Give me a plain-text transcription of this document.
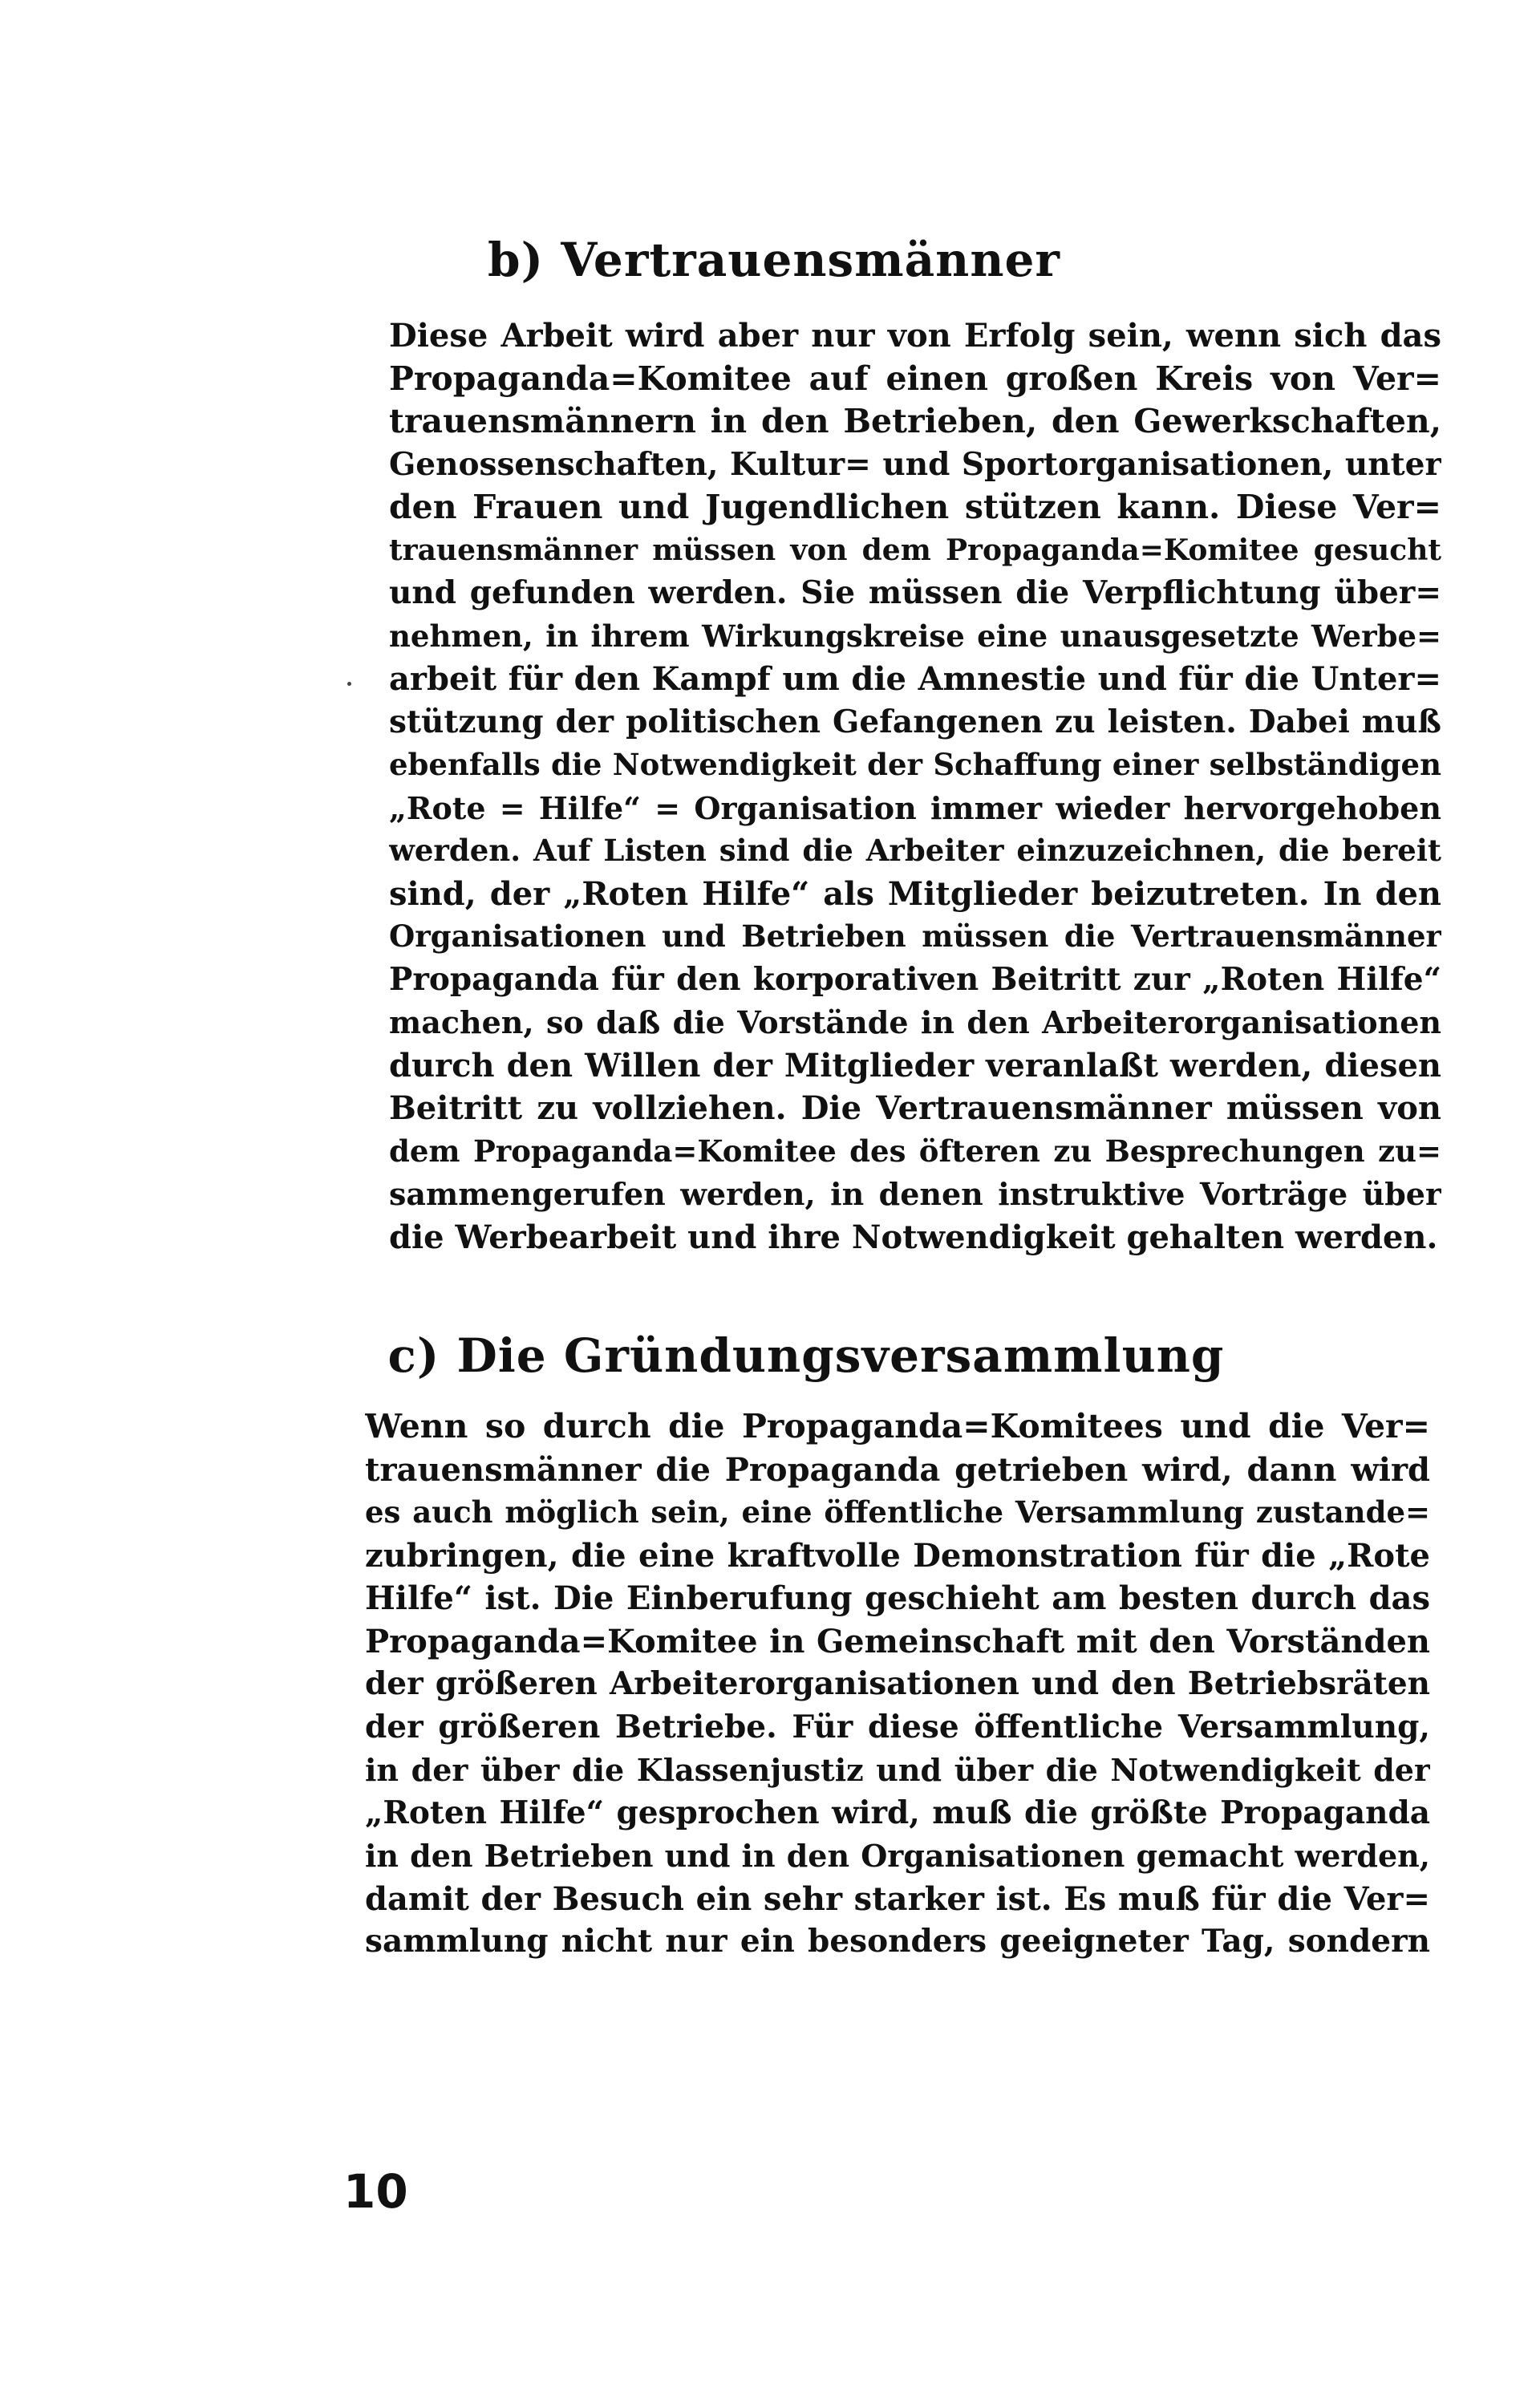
b) Vertrauensmänner
Diese Arbeit wird aber nur von Erfolg sein, wenn sich das
Propaganda=Komitee auf einen großen Kreis von Ver=
trauensmännern in den Betrieben, den Gewerkschaften,
Genossenschaften, Kultur= und Sportorganisationen, unter
den Frauen und Jugendlichen stützen kann. Diese Ver=
trauensmänner müssen von dem Propaganda=Komitee gesucht
und gefunden werden. Sie müssen die Verpflichtung über=
nehmen, in ihrem Wirkungskreise eine unausgesetzte Werbe=
arbeit für den Kampf um die Amnestie und für die Unter=
stützung der politischen Gefangenen zu leisten. Dabei muß
ebenfalls die Notwendigkeit der Schaffung einer selbständigen
„Rote = Hilfe“ = Organisation immer wieder hervorgehoben
werden. Auf Listen sind die Arbeiter einzuzeichnen, die bereit
sind, der „Roten Hilfe“ als Mitglieder beizutreten. In den
Organisationen und Betrieben müssen die Vertrauensmänner
Propaganda für den korporativen Beitritt zur „Roten Hilfe“
machen, so daß die Vorstände in den Arbeiterorganisationen
durch den Willen der Mitglieder veranlaßt werden, diesen
Beitritt zu vollziehen. Die Vertrauensmänner müssen von
dem Propaganda=Komitee des öfteren zu Besprechungen zu=
sammengerufen werden, in denen instruktive Vorträge über
die Werbearbeit und ihre Notwendigkeit gehalten werden.
c) Die Gründungsversammlung
Wenn so durch die Propaganda=Komitees und die Ver=
trauensmänner die Propaganda getrieben wird, dann wird
es auch möglich sein, eine öffentliche Versammlung zustande=
zubringen, die eine kraftvolle Demonstration für die „Rote
Hilfe“ ist. Die Einberufung geschieht am besten durch das
Propaganda=Komitee in Gemeinschaft mit den Vorständen
der größeren Arbeiterorganisationen und den Betriebsräten
der größeren Betriebe. Für diese öffentliche Versammlung,
in der über die Klassenjustiz und über die Notwendigkeit der
„Roten Hilfe“ gesprochen wird, muß die größte Propaganda
in den Betrieben und in den Organisationen gemacht werden,
damit der Besuch ein sehr starker ist. Es muß für die Ver=
sammlung nicht nur ein besonders geeigneter Tag, sondern
10
